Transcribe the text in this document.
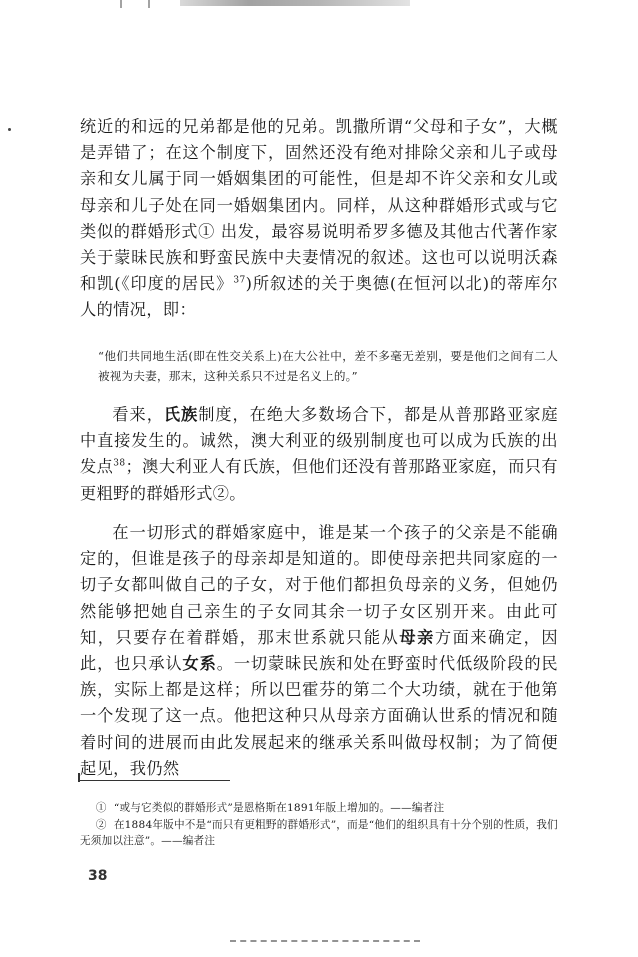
统近的和远的兄弟都是他的兄弟。凯撒所谓“父母和子女”，大概是弄错了；在这个制度下，固然还没有绝对排除父亲和儿子或母亲和女儿属于同一婚姻集团的可能性，但是却不许父亲和女儿或母亲和儿子处在同一婚姻集团内。同样，从这种群婚形式或与它类似的群婚形式① 出发，最容易说明希罗多德及其他古代著作家关于蒙昧民族和野蛮民族中夫妻情况的叙述。这也可以说明沃森和凯(《印度的居民》$^{37}$)所叙述的关于奥德(在恒河以北)的蒂库尔人的情况，即：

“他们共同地生活(即在性交关系上)在大公社中，差不多毫无差别，要是他们之间有二人被视为夫妻，那末，这种关系只不过是名义上的。”

看来，氏族制度，在绝大多数场合下，都是从普那路亚家庭中直接发生的。诚然，澳大利亚的级别制度也可以成为氏族的出发点$^{38}$；澳大利亚人有氏族，但他们还没有普那路亚家庭，而只有更粗野的群婚形式②。

在一切形式的群婚家庭中，谁是某一个孩子的父亲是不能确定的，但谁是孩子的母亲却是知道的。即使母亲把共同家庭的一切子女都叫做自己的子女，对于他们都担负母亲的义务，但她仍然能够把她自己亲生的子女同其余一切子女区别开来。由此可知，只要存在着群婚，那末世系就只能从母亲方面来确定，因此，也只承认女系。一切蒙昧民族和处在野蛮时代低级阶段的民族，实际上都是这样；所以巴霍芬的第二个大功绩，就在于他第一个发现了这一点。他把这种只从母亲方面确认世系的情况和随着时间的进展而由此发展起来的继承关系叫做母权制；为了简便起见，我仍然

① “或与它类似的群婚形式”是恩格斯在1891年版上增加的。——编者注

② 在1884年版中不是“而只有更粗野的群婚形式”，而是“他们的组织具有十分个别的性质，我们无须加以注意”。——编者注

38
